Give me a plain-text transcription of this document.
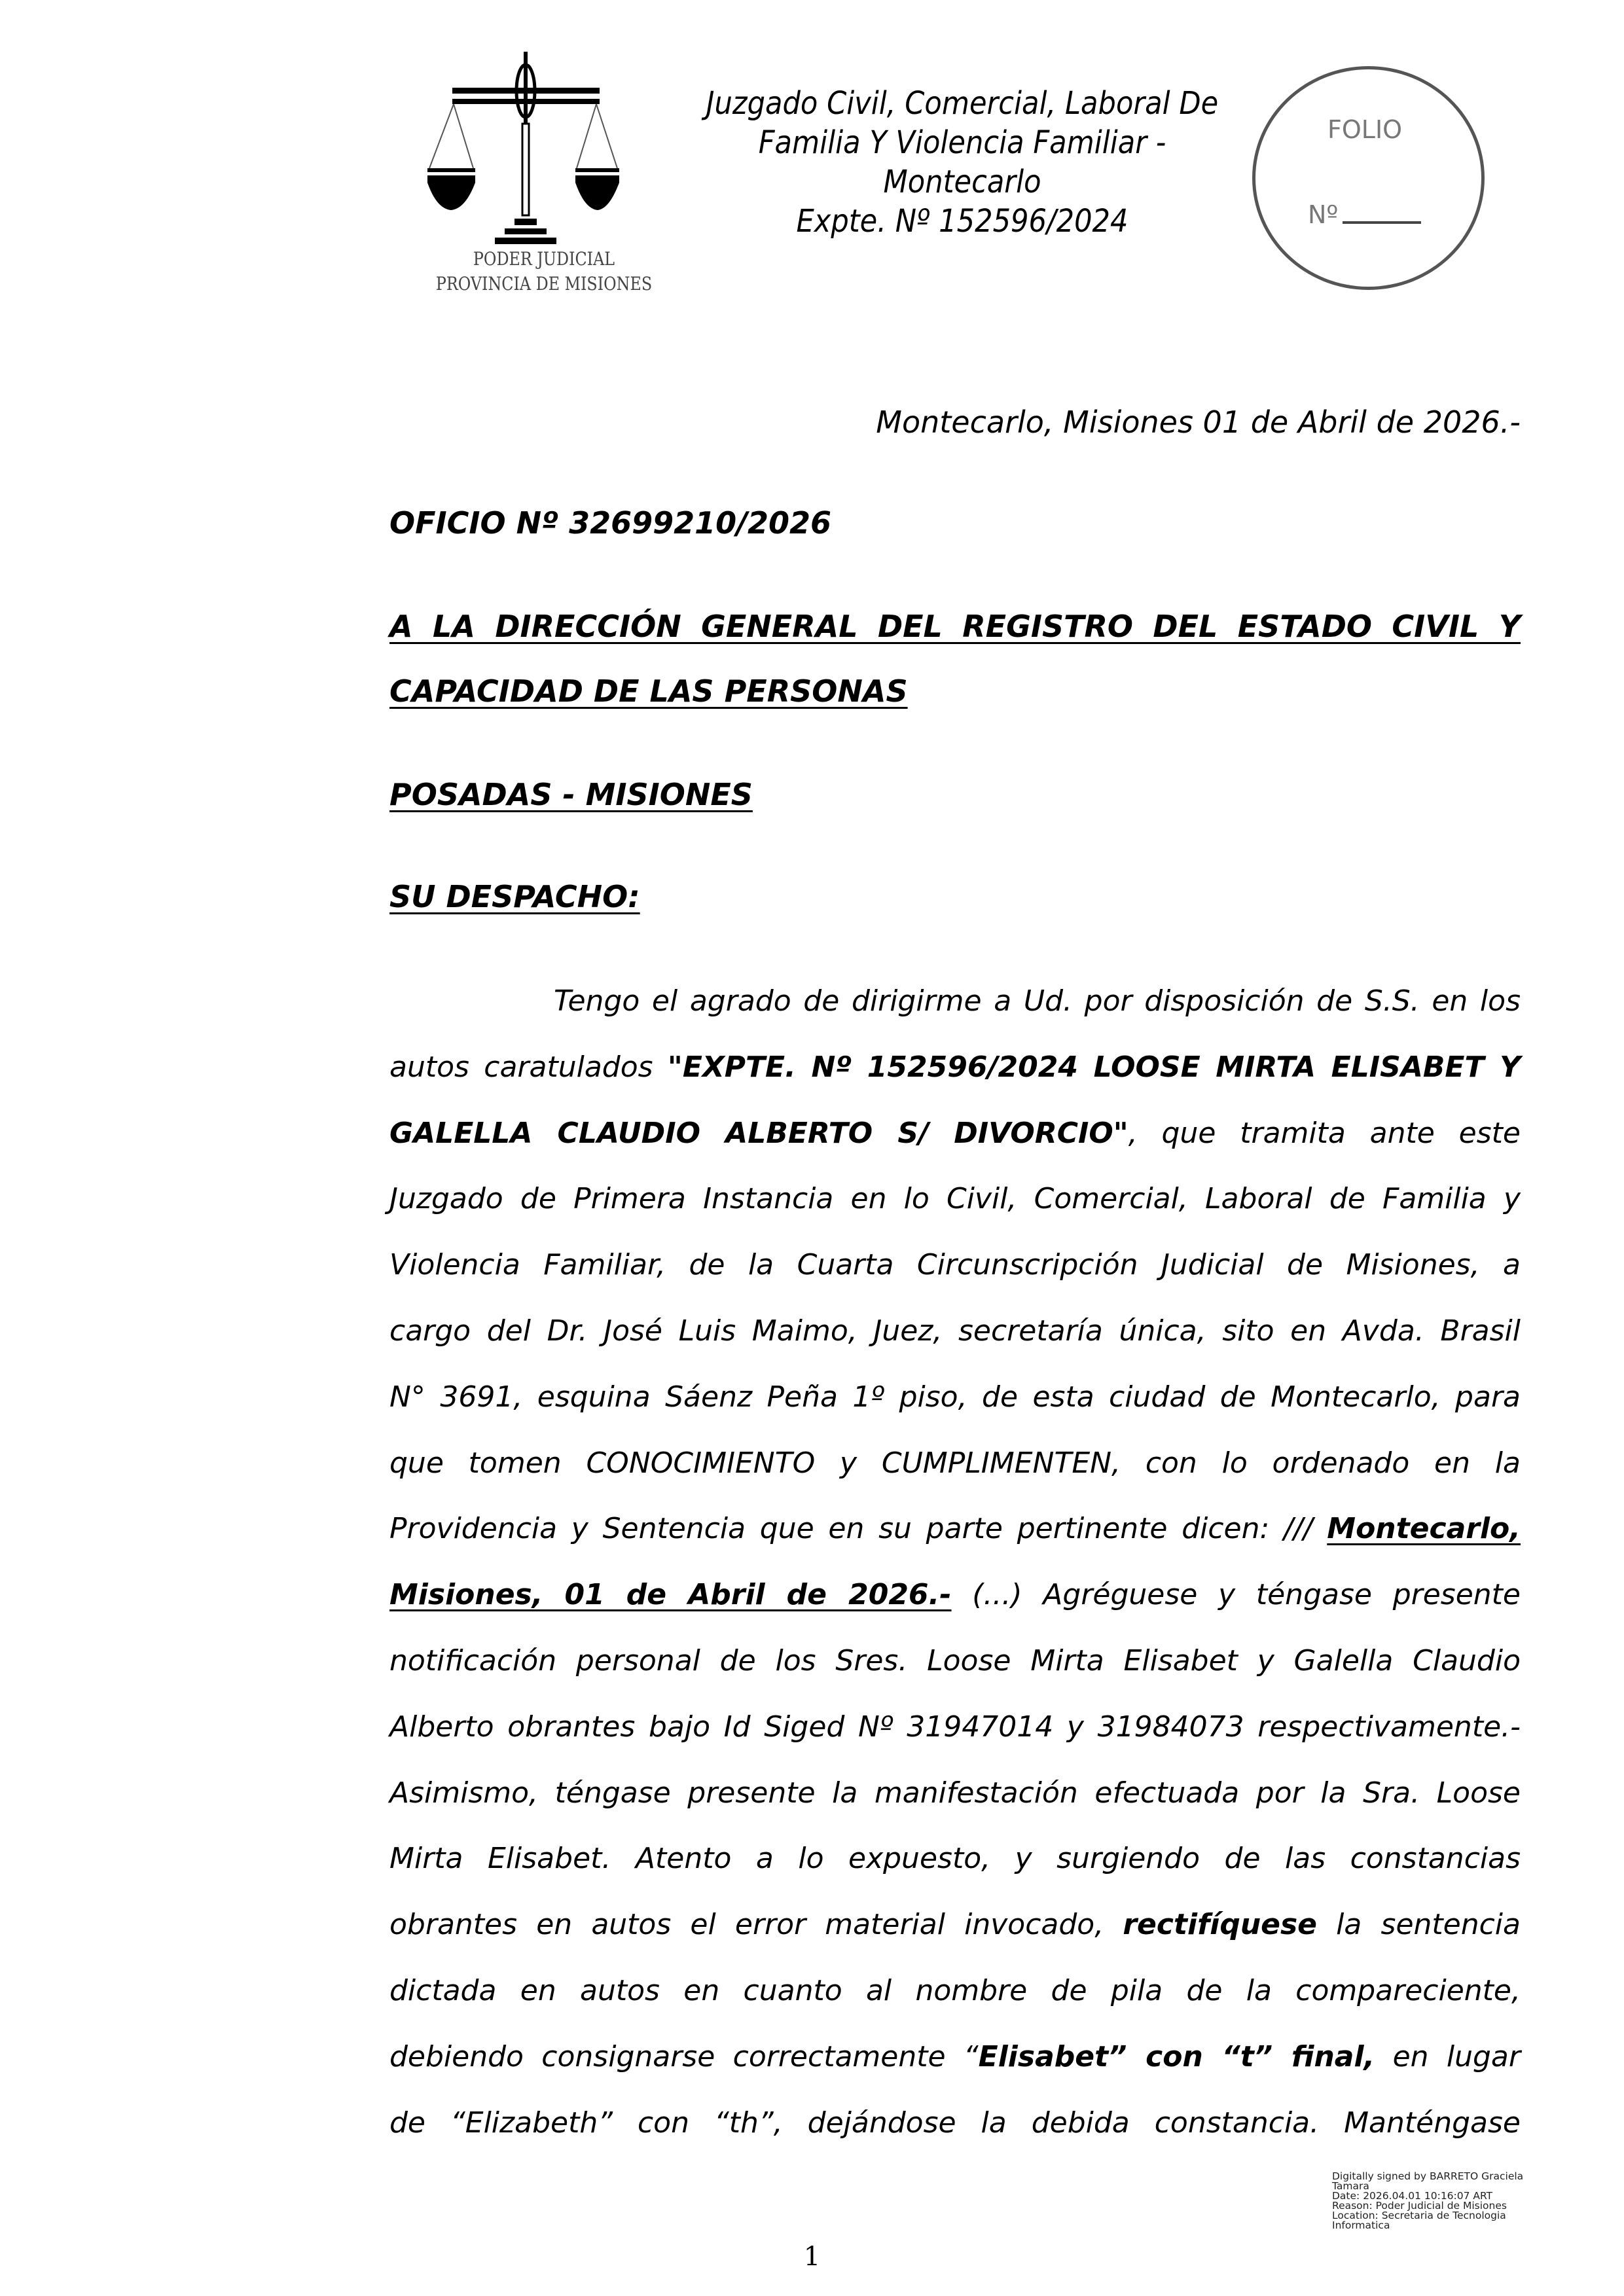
PODER JUDICIAL
PROVINCIA DE MISIONES
Juzgado Civil, Comercial, Laboral De
Familia Y Violencia Familiar -
Montecarlo
Expte. Nº 152596/2024
FOLIO
Nº
Montecarlo, Misiones 01 de Abril de 2026.-
OFICIO Nº 32699210/2026
A LA DIRECCIÓN GENERAL DEL REGISTRO DEL ESTADO CIVIL Y
CAPACIDAD DE LAS PERSONAS
POSADAS - MISIONES
SU DESPACHO:
Tengo el agrado de dirigirme a Ud. por disposición de S.S. en los
autos caratulados "EXPTE. Nº 152596/2024 LOOSE MIRTA ELISABET Y
GALELLA CLAUDIO ALBERTO S/ DIVORCIO", que tramita ante este
Juzgado de Primera Instancia en lo Civil, Comercial, Laboral de Familia y
Violencia Familiar, de la Cuarta Circunscripción Judicial de Misiones, a
cargo del Dr. José Luis Maimo, Juez, secretaría única, sito en Avda. Brasil
N° 3691, esquina Sáenz Peña 1º piso, de esta ciudad de Montecarlo, para
que tomen CONOCIMIENTO y CUMPLIMENTEN, con lo ordenado en la
Providencia y Sentencia que en su parte pertinente dicen: /// Montecarlo,
Misiones, 01 de Abril de 2026.- (...) Agréguese y téngase presente
notificación personal de los Sres. Loose Mirta Elisabet y Galella Claudio
Alberto obrantes bajo Id Siged Nº 31947014 y 31984073 respectivamente.-
Asimismo, téngase presente la manifestación efectuada por la Sra. Loose
Mirta Elisabet. Atento a lo expuesto, y surgiendo de las constancias
obrantes en autos el error material invocado, rectifíquese la sentencia
dictada en autos en cuanto al nombre de pila de la compareciente,
debiendo consignarse correctamente “Elisabet” con “t” final, en lugar
de “Elizabeth” con “th”, dejándose la debida constancia. Manténgase
Digitally signed by BARRETO Graciela
Tamara
Date: 2026.04.01 10:16:07 ART
Reason: Poder Judicial de Misiones
Location: Secretaria de Tecnologia
Informatica
1
